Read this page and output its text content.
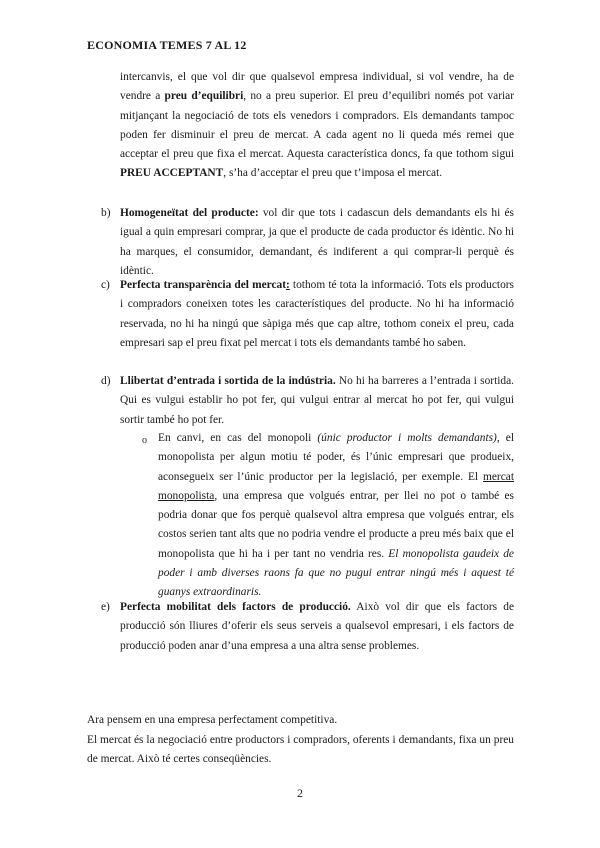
ECONOMIA TEMES 7 AL 12
intercanvis, el que vol dir que qualsevol empresa individual, si vol vendre, ha de vendre a preu d’equilibri, no a preu superior. El preu d’equilibri només pot variar mitjançant la negociació de tots els venedors i compradors. Els demandants tampoc poden fer disminuir el preu de mercat. A cada agent no li queda més remei que acceptar el preu que fixa el mercat. Aquesta característica doncs, fa que tothom sigui PREU ACCEPTANT, s’ha d’acceptar el preu que t’imposa el mercat.
b) Homogeneïtat del producte: vol dir que tots i cadascun dels demandants els hi és igual a quin empresari comprar, ja que el producte de cada productor és idèntic. No hi ha marques, el consumidor, demandant, és indiferent a qui comprar-li perquè és idèntic.
c) Perfecta transparència del mercat: tothom té tota la informació. Tots els productors i compradors coneixen totes les característiques del producte. No hi ha informació reservada, no hi ha ningú que sàpiga més que cap altre, tothom coneix el preu, cada empresari sap el preu fixat pel mercat i tots els demandants també ho saben.
d) Llibertat d’entrada i sortida de la indústria. No hi ha barreres a l’entrada i sortida. Qui es vulgui establir ho pot fer, qui vulgui entrar al mercat ho pot fer, qui vulgui sortir també ho pot fer.
o En canvi, en cas del monopoli (únic productor i molts demandants), el monopolista per algun motiu té poder, és l’únic empresari que produeix, aconsegueix ser l’únic productor per la legislació, per exemple. El mercat monopolista, una empresa que volgués entrar, per llei no pot o també es podria donar que fos perquè qualsevol altra empresa que volgués entrar, els costos serien tant alts que no podria vendre el producte a preu més baix que el monopolista que hi ha i per tant no vendria res. El monopolista gaudeix de poder i amb diverses raons fa que no pugui entrar ningú més i aquest té guanys extraordinaris.
e) Perfecta mobilitat dels factors de producció. Això vol dir que els factors de producció són lliures d’oferir els seus serveis a qualsevol empresari, i els factors de producció poden anar d’una empresa a una altra sense problemes.
Ara pensem en una empresa perfectament competitiva.
El mercat és la negociació entre productors i compradors, oferents i demandants, fixa un preu de mercat. Això té certes conseqüències.
2
